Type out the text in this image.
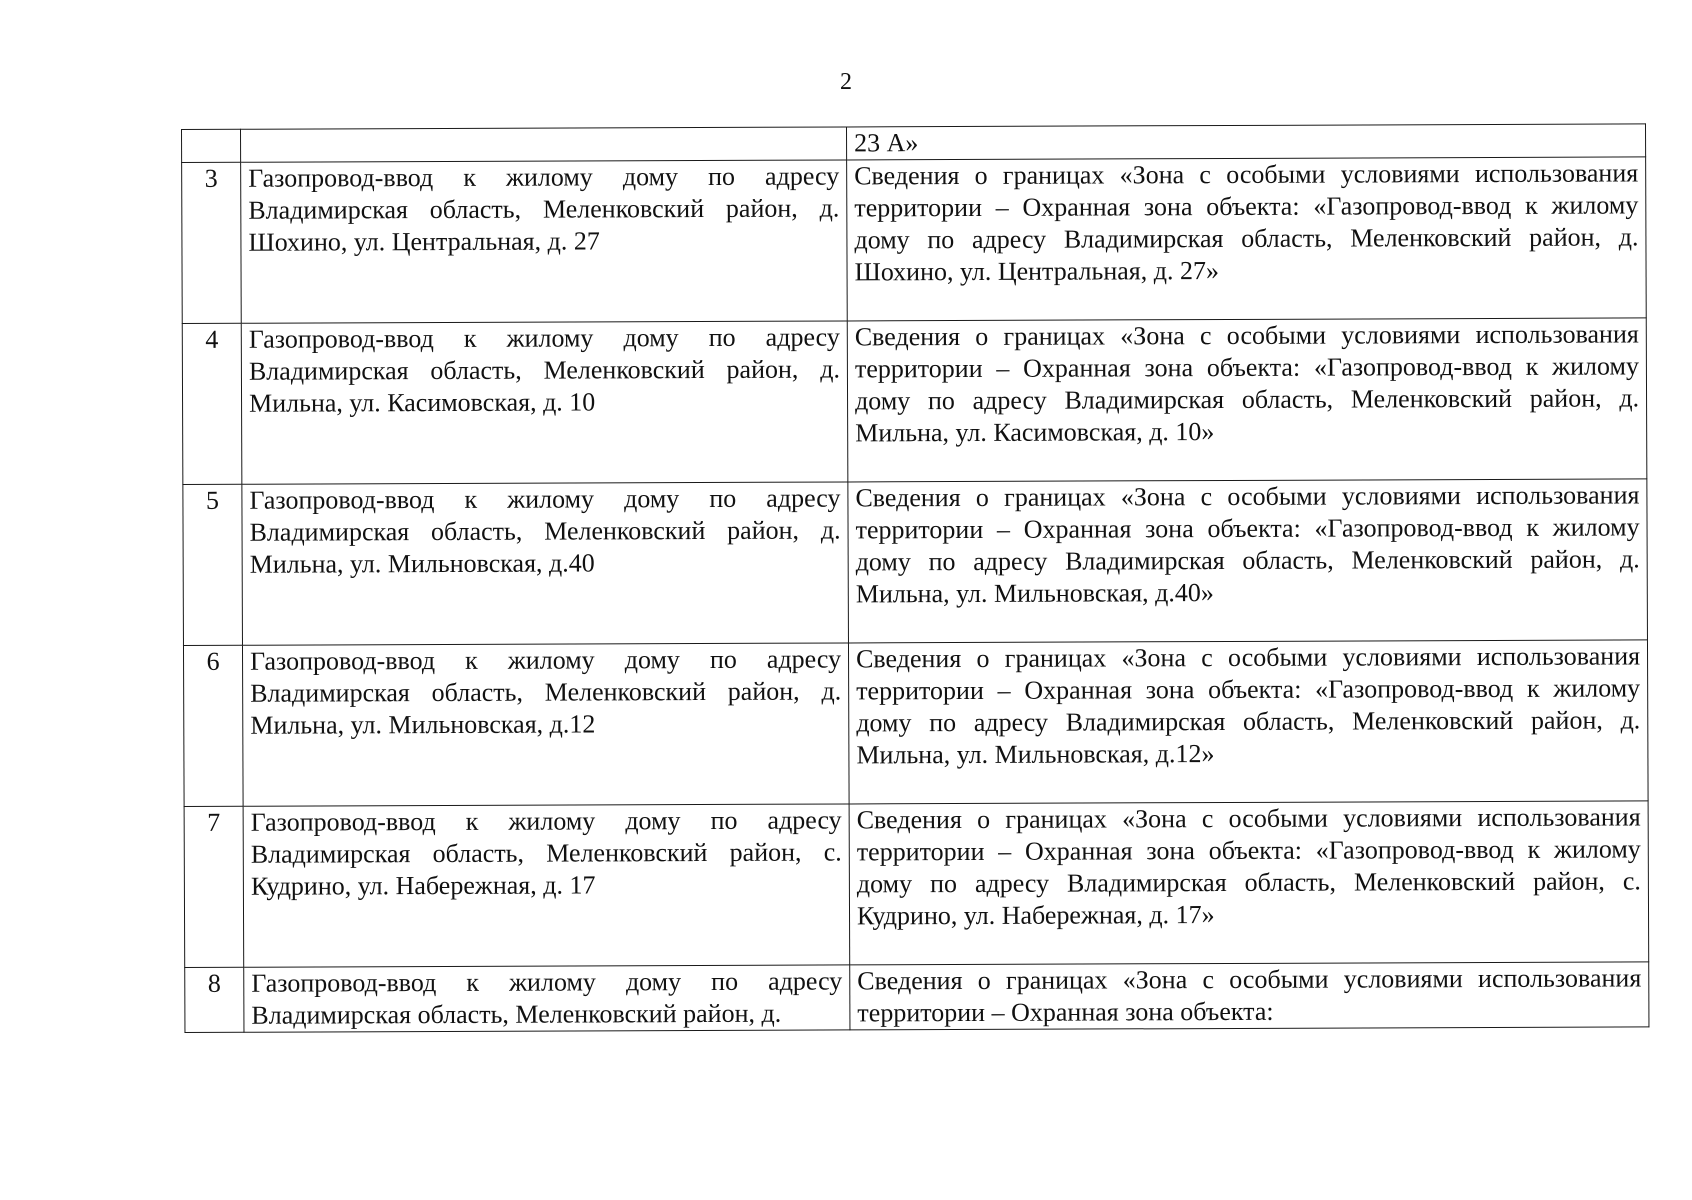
2

		23 А»

3	Газопровод-ввод к жилому дому по адресу Владимирская область, Меленковский район, д. Шохино, ул. Центральная, д. 27	Сведения о границах «Зона с особыми условиями использования территории – Охранная зона объекта: «Газопровод-ввод к жилому дому по адресу Владимирская область, Меленковский район, д. Шохино, ул. Центральная, д. 27»
4	Газопровод-ввод к жилому дому по адресу Владимирская область, Меленковский район, д. Мильна, ул. Касимовская, д. 10	Сведения о границах «Зона с особыми условиями использования территории – Охранная зона объекта: «Газопровод-ввод к жилому дому по адресу Владимирская область, Меленковский район, д. Мильна, ул. Касимовская, д. 10»
5	Газопровод-ввод к жилому дому по адресу Владимирская область, Меленковский район, д. Мильна, ул. Мильновская, д.40	Сведения о границах «Зона с особыми условиями использования территории – Охранная зона объекта: «Газопровод-ввод к жилому дому по адресу Владимирская область, Меленковский район, д. Мильна, ул. Мильновская, д.40»
6	Газопровод-ввод к жилому дому по адресу Владимирская область, Меленковский район, д. Мильна, ул. Мильновская, д.12	Сведения о границах «Зона с особыми условиями использования территории – Охранная зона объекта: «Газопровод-ввод к жилому дому по адресу Владимирская область, Меленковский район, д. Мильна, ул. Мильновская, д.12»
7	Газопровод-ввод к жилому дому по адресу Владимирская область, Меленковский район, с. Кудрино, ул. Набережная, д. 17	Сведения о границах «Зона с особыми условиями использования территории – Охранная зона объекта: «Газопровод-ввод к жилому дому по адресу Владимирская область, Меленковский район, с. Кудрино, ул. Набережная, д. 17»
8	Газопровод-ввод к жилому дому по адресу Владимирская область, Меленковский район, д.	Сведения о границах «Зона с особыми условиями использования территории – Охранная зона объекта:
